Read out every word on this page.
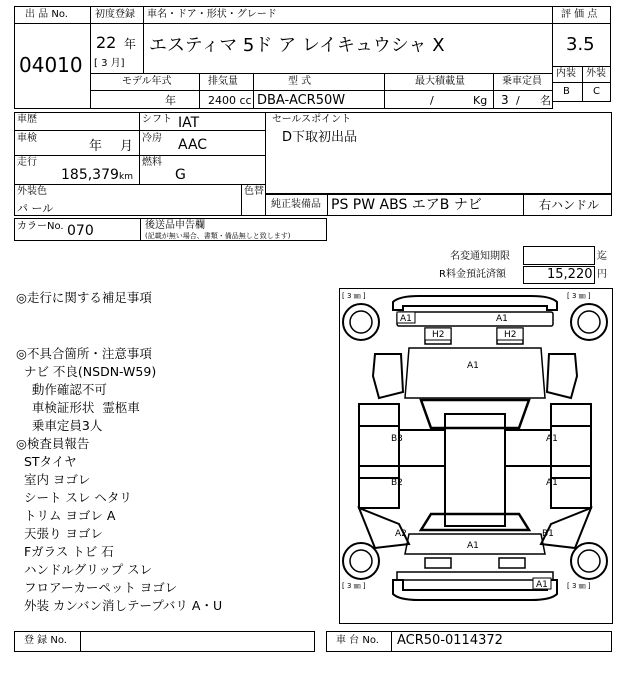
出 品 No.
04010
初度登録 車名・ドア・形状・グレード
22 年
[ 3 月]
エスティマ 5ド ア レイキュウシャ X
モデル年式	排気量	型 式	最大積載量	乗車定員
年	2400 cc DBA-ACR50W	/	Kg 3 / 名
評 価 点
3.5
内装 外装
B C
車歴	シフト IAT
車検
年 月
冷房 AAC
走行
185,379 km
燃料
G
外装色
パ ール
色替
セールスポイント
D下取初出品
純正装備品 PS PW ABS エアB ナビ	右ハンドル
カラーNo. 070	後送品申告欄
(記載が無い場合、書類・備品無しと致します)
名変通知期限	迄
R料金預託済額	15,220 円
◎走行に関する補足事項
◎不具合箇所・注意事項
ナビ 不良(NSDN-W59)
動作確認不可
車検証形状  霊柩車
乗車定員3人
◎検査員報告
STタイヤ
室内 ヨゴレ
シート スレ ヘタリ
トリム ヨゴレ A
天張り ヨゴレ
Fガラス トビ 石
ハンドルグリップ スレ
フロアーカーペット ヨゴレ
外装 カンバン消しテープバリ A・U
[ 3 ㎜ ]	[ 3 ㎜ ]
[ 3 ㎜ ]	[ 3 ㎜ ]
A1	A1
H2	H2
A1
B3	A1
B2	A1
A2	B1
A1
A1
登 録 No.	車 台 No. ACR50-0114372
